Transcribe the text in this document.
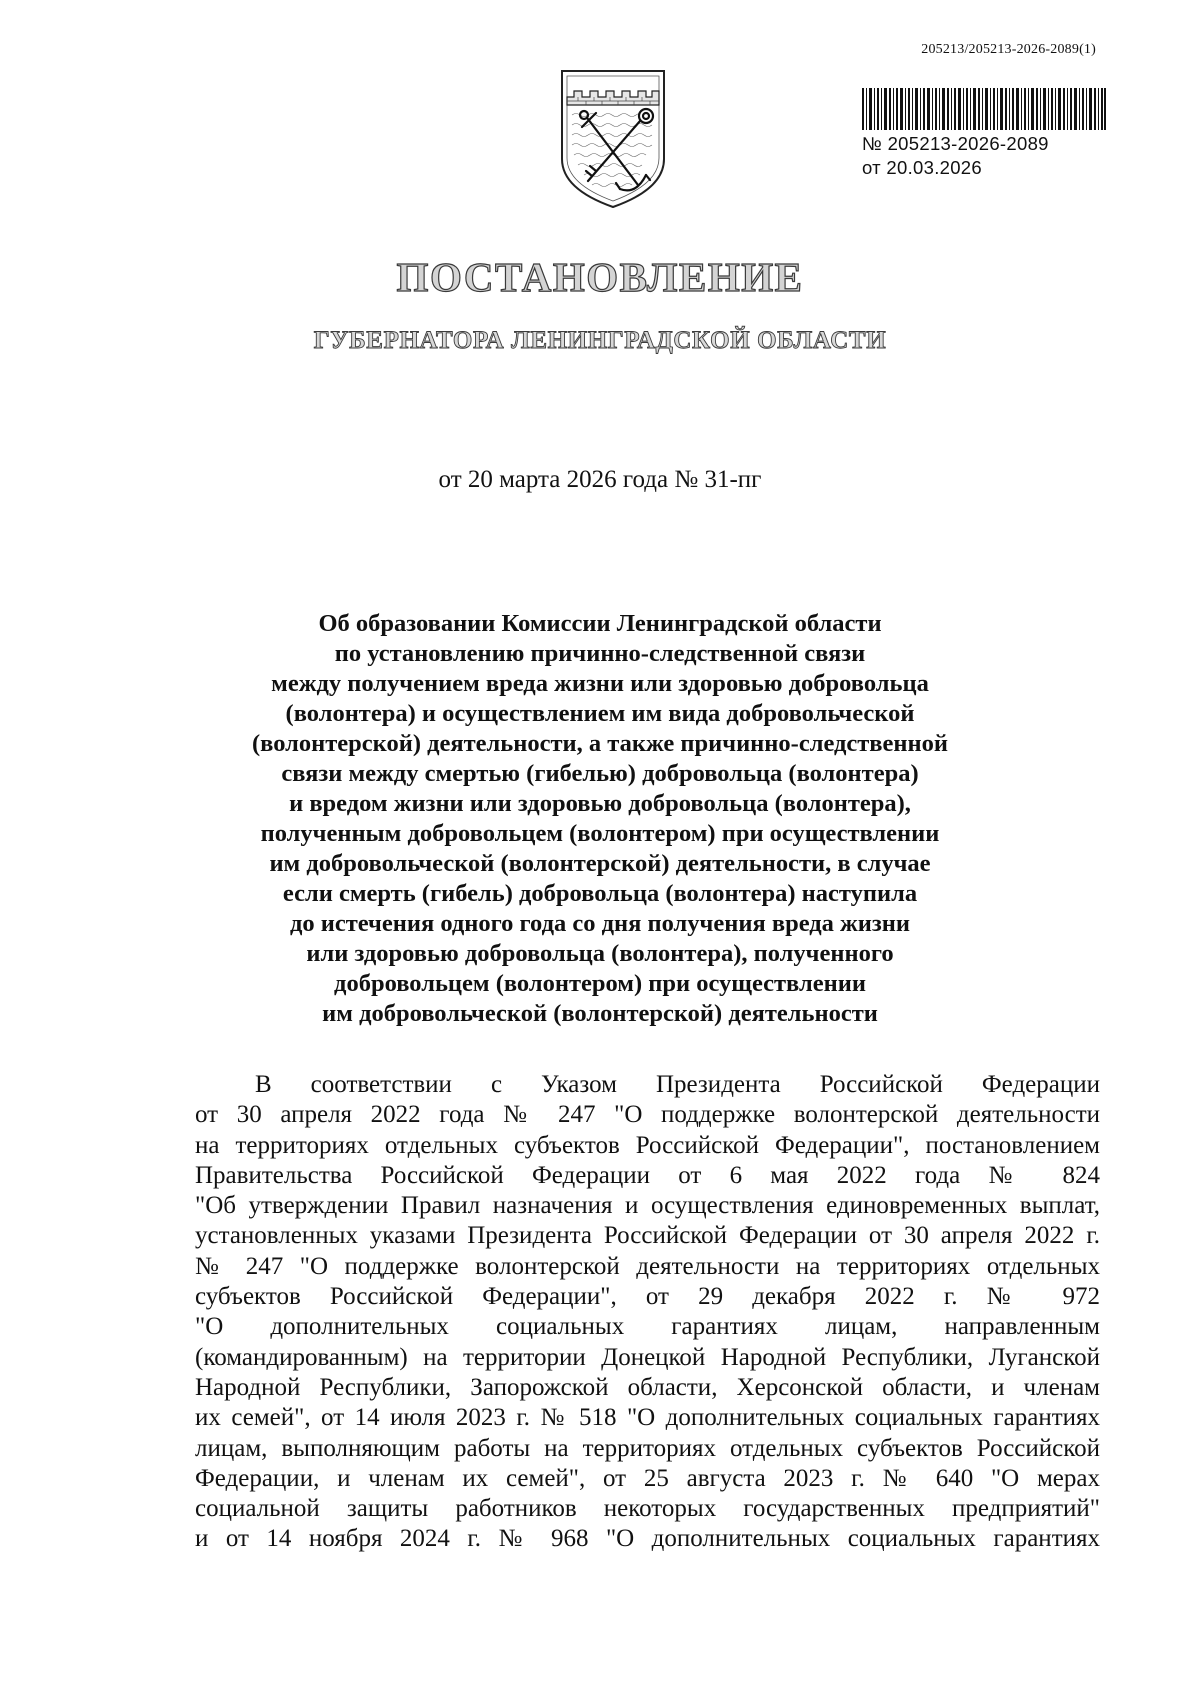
205213/205213-2026-2089(1)
№ 205213-2026-2089
от 20.03.2026
ПОСТАНОВЛЕНИЕ
ГУБЕРНАТОРА ЛЕНИНГРАДСКОЙ ОБЛАСТИ
от 20 марта 2026 года № 31-пг
Об образовании Комиссии Ленинградской области
по установлению причинно-следственной связи
между получением вреда жизни или здоровью добровольца
(волонтера) и осуществлением им вида добровольческой
(волонтерской) деятельности, а также причинно-следственной
связи между смертью (гибелью) добровольца (волонтера)
и вредом жизни или здоровью добровольца (волонтера),
полученным добровольцем (волонтером) при осуществлении
им добровольческой (волонтерской) деятельности, в случае
если смерть (гибель) добровольца (волонтера) наступила
до истечения одного года со дня получения вреда жизни
или здоровью добровольца (волонтера), полученного
добровольцем (волонтером) при осуществлении
им добровольческой (волонтерской) деятельности
В соответствии с Указом Президента Российской Федерации
от 30 апреля 2022 года № 247 "О поддержке волонтерской деятельности
на территориях отдельных субъектов Российской Федерации", постановлением
Правительства Российской Федерации от 6 мая 2022 года № 824
"Об утверждении Правил назначения и осуществления единовременных выплат,
установленных указами Президента Российской Федерации от 30 апреля 2022 г.
№ 247 "О поддержке волонтерской деятельности на территориях отдельных
субъектов Российской Федерации", от 29 декабря 2022 г. № 972
"О дополнительных социальных гарантиях лицам, направленным
(командированным) на территории Донецкой Народной Республики, Луганской
Народной Республики, Запорожской области, Херсонской области, и членам
их семей", от 14 июля 2023 г. № 518 "О дополнительных социальных гарантиях
лицам, выполняющим работы на территориях отдельных субъектов Российской
Федерации, и членам их семей", от 25 августа 2023 г. № 640 "О мерах
социальной защиты работников некоторых государственных предприятий"
и от 14 ноября 2024 г. № 968 "О дополнительных социальных гарантиях
